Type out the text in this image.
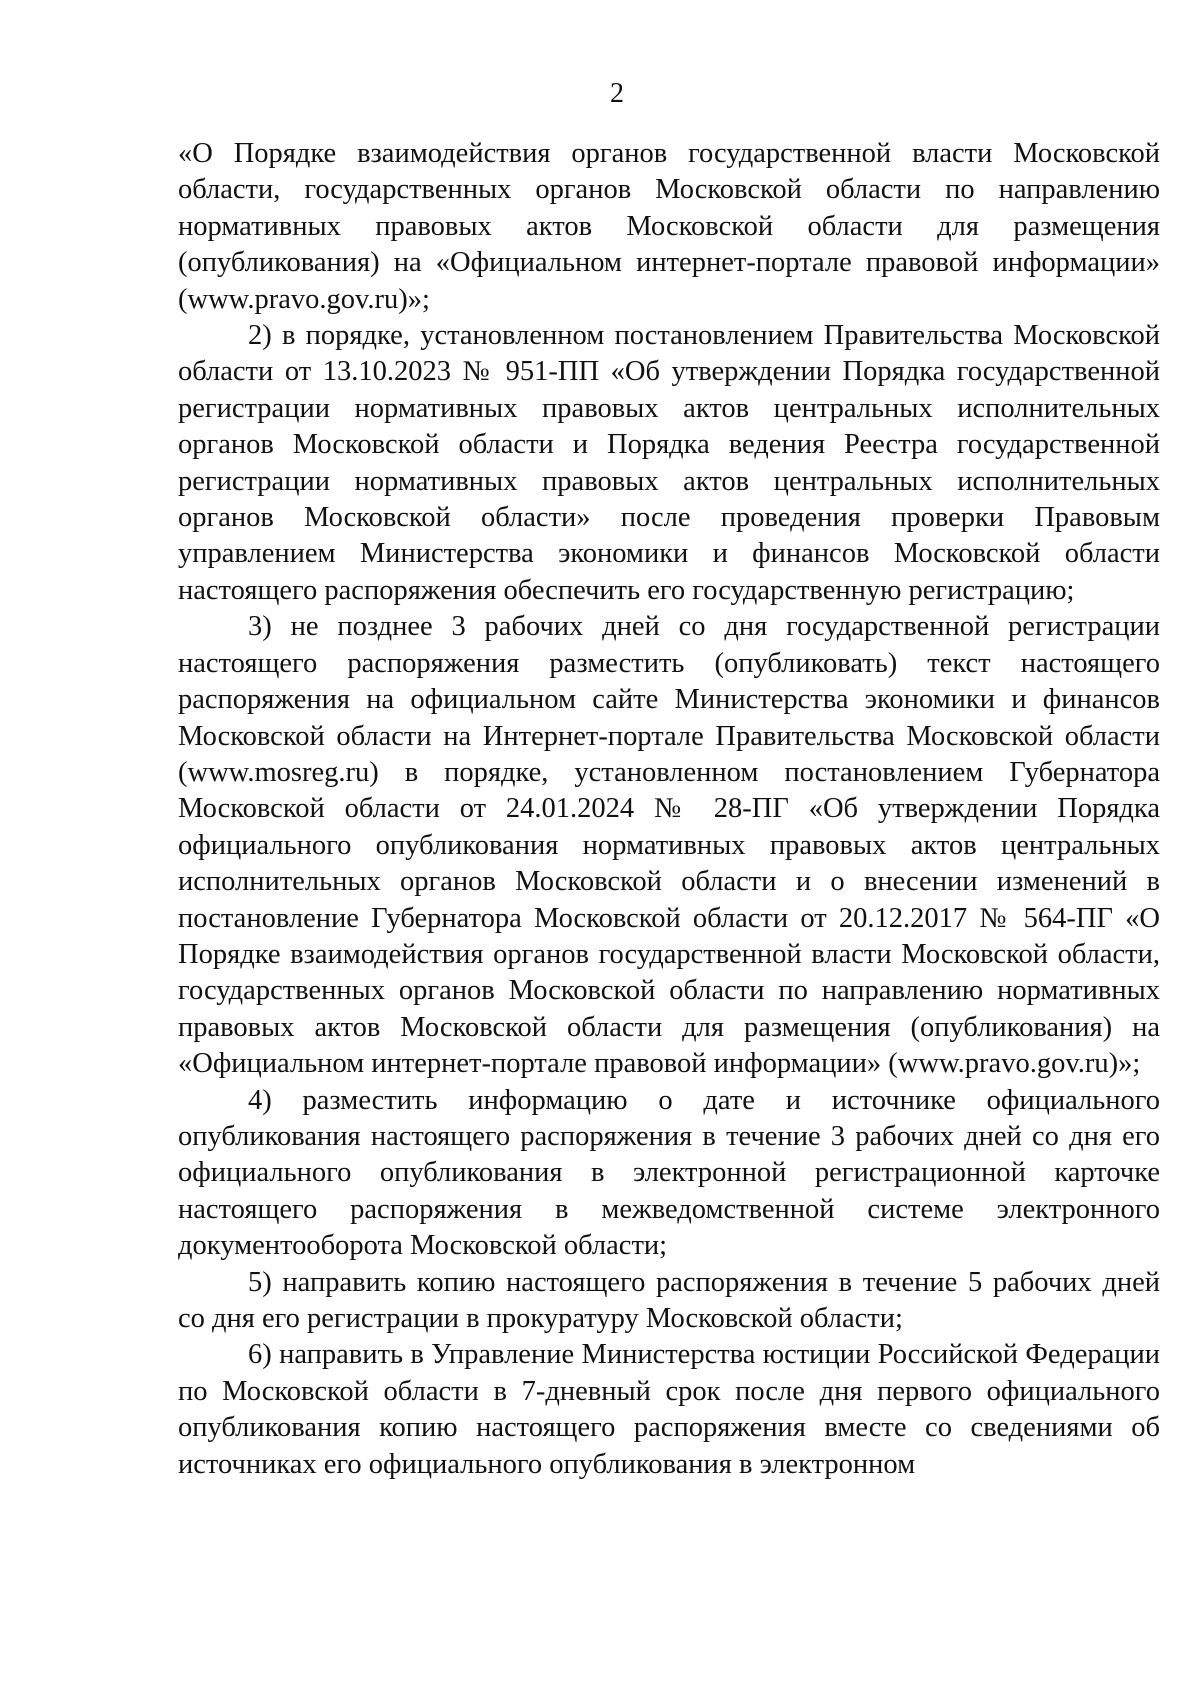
2

«О Порядке взаимодействия органов государственной власти Московской области, государственных органов Московской области по направлению нормативных правовых актов Московской области для размещения (опубликования) на «Официальном интернет-портале правовой информации» (www.pravo.gov.ru)»;

2) в порядке, установленном постановлением Правительства Московской области от 13.10.2023 № 951-ПП «Об утверждении Порядка государственной регистрации нормативных правовых актов центральных исполнительных органов Московской области и Порядка ведения Реестра государственной регистрации нормативных правовых актов центральных исполнительных органов Московской области» после проведения проверки Правовым управлением Министерства экономики и финансов Московской области настоящего распоряжения обеспечить его государственную регистрацию;

3) не позднее 3 рабочих дней со дня государственной регистрации настоящего распоряжения разместить (опубликовать) текст настоящего распоряжения на официальном сайте Министерства экономики и финансов Московской области на Интернет-портале Правительства Московской области (www.mosreg.ru) в порядке, установленном постановлением Губернатора Московской области от 24.01.2024 № 28-ПГ «Об утверждении Порядка официального опубликования нормативных правовых актов центральных исполнительных органов Московской области и о внесении изменений в постановление Губернатора Московской области от 20.12.2017 № 564-ПГ «О Порядке взаимодействия органов государственной власти Московской области, государственных органов Московской области по направлению нормативных правовых актов Московской области для размещения (опубликования) на «Официальном интернет-портале правовой информации» (www.pravo.gov.ru)»;

4) разместить информацию о дате и источнике официального опубликования настоящего распоряжения в течение 3 рабочих дней со дня его официального опубликования в электронной регистрационной карточке настоящего распоряжения в межведомственной системе электронного документооборота Московской области;

5) направить копию настоящего распоряжения в течение 5 рабочих дней со дня его регистрации в прокуратуру Московской области;

6) направить в Управление Министерства юстиции Российской Федерации по Московской области в 7-дневный срок после дня первого официального опубликования копию настоящего распоряжения вместе со сведениями об источниках его официального опубликования в электронном
